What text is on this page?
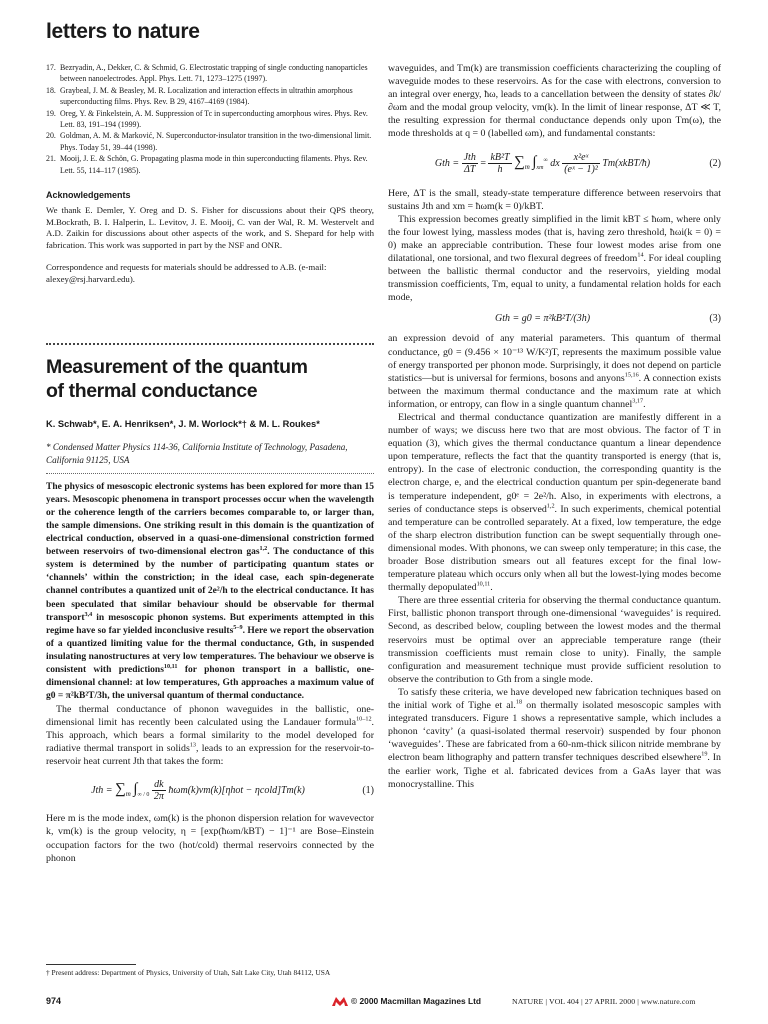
letters to nature
17. Bezryadin, A., Dekker, C. & Schmid, G. Electrostatic trapping of single conducting nanoparticles between nanoelectrodes. Appl. Phys. Lett. 71, 1273–1275 (1997).
18. Graybeal, J. M. & Beasley, M. R. Localization and interaction effects in ultrathin amorphous superconducting films. Phys. Rev. B 29, 4167–4169 (1984).
19. Oreg, Y. & Finkelstein, A. M. Suppression of Tc in superconducting amorphous wires. Phys. Rev. Lett. 83, 191–194 (1999).
20. Goldman, A. M. & Marković, N. Superconductor-insulator transition in the two-dimensional limit. Phys. Today 51, 39–44 (1998).
21. Mooij, J. E. & Schön, G. Propagating plasma mode in thin superconducting filaments. Phys. Rev. Lett. 55, 114–117 (1985).
Acknowledgements

We thank E. Demler, Y. Oreg and D. S. Fisher for discussions about their QPS theory, M.Bockrath, B. I. Halperin, L. Levitov, J. E. Mooij, C. van der Wal, R. M. Westervelt and A.D. Zaikin for discussions about other aspects of the work, and S. Shepard for help with fabrication. This work was supported in part by the NSF and ONR.

Correspondence and requests for materials should be addressed to A.B. (e-mail: alexey@rsj.harvard.edu).

Measurement of the quantum
of thermal conductance
K. Schwab*, E. A. Henriksen*, J. M. Worlock*† & M. L. Roukes*
* Condensed Matter Physics 114-36, California Institute of Technology, Pasadena, California 91125, USA

The physics of mesoscopic electronic systems has been explored for more than 15 years. Mesoscopic phenomena in transport processes occur when the wavelength or the coherence length of the carriers becomes comparable to, or larger than, the sample dimensions. One striking result in this domain is the quantization of electrical conduction, observed in a quasi-one-dimensional constriction formed between reservoirs of two-dimensional electron gas$^{1,2}$. The conductance of this system is determined by the number of participating quantum states or ‘channels’ within the constriction; in the ideal case, each spin-degenerate channel contributes a quantized unit of 2e²/h to the electrical conductance. It has been speculated that similar behaviour should be observable for thermal transport$^{3,4}$ in mesoscopic phonon systems. But experiments attempted in this regime have so far yielded inconclusive results$^{5-9}$. Here we report the observation of a quantized limiting value for the thermal conductance, Gth, in suspended insulating nanostructures at very low temperatures. The behaviour we observe is consistent with predictions$^{10,11}$ for phonon transport in a ballistic, one-dimensional channel: at low temperatures, Gth approaches a maximum value of g0 = π²kB²T/3h, the universal quantum of thermal conductance.

The thermal conductance of phonon waveguides in the ballistic, one-dimensional limit has recently been calculated using the Landauer formula$^{10-12}$. This approach, which bears a formal similarity to the model developed for radiative thermal transport in solids$^{13}$, leads to an expression for the reservoir-to-reservoir heat current Jth that takes the form:

Jth = $\sum_m$ $\int_{\infty / 0} \frac{dk}{2\pi}$ ħωm(k)vm(k)[ηhot − ηcold]Tm(k)	(1)

Here m is the mode index, ωm(k) is the phonon dispersion relation for wavevector k, vm(k) is the group velocity, η = [exp(ħωm/kBT) − 1]⁻¹ are Bose–Einstein occupation factors for the two (hot/cold) thermal reservoirs connected by the phonon

† Present address: Department of Physics, University of Utah, Salt Lake City, Utah 84112, USA

waveguides, and Tm(k) are transmission coefficients characterizing the coupling of waveguide modes to these reservoirs. As for the case with electrons, conversion to an integral over energy, ħω, leads to a cancellation between the density of states ∂k/∂ωm and the modal group velocity, vm(k). In the limit of linear response, ΔT ≪ T, the resulting expression for thermal conductance depends only upon Tm(ω), the mode thresholds at q = 0 (labelled ωm), and fundamental constants:

Gth = $\frac{\text{Jth}}{\Delta T} = \frac{\text{kB²T}}{h} \sum_m$ $\int_{xm}^\infty$ dx $\frac{\text{x²eˣ}}{\text{(eˣ − 1)²}}$ Tm(xkBT/ħ)	(2)

Here, ΔT is the small, steady-state temperature difference between reservoirs that sustains Jth and xm = ħωm(k = 0)/kBT.

This expression becomes greatly simplified in the limit kBT ≤ ħωm, where only the four lowest lying, massless modes (that is, having zero threshold, ħωi(k = 0) = 0) make an appreciable contribution. These four lowest modes arise from one dilatational, one torsional, and two flexural degrees of freedom$^{14}$. For ideal coupling between the ballistic thermal conductor and the reservoirs, yielding modal transmission coefficients, Tm, equal to unity, a fundamental relation holds for each mode,

Gth = g0 = π²kB²T/(3h)	(3)

an expression devoid of any material parameters. This quantum of thermal conductance, g0 = (9.456 × 10⁻¹³ W/K²)T, represents the maximum possible value of energy transported per phonon mode. Surprisingly, it does not depend on particle statistics—but is universal for fermions, bosons and anyons$^{15,16}$. A connection exists between the maximum thermal conductance and the maximum rate at which information, or entropy, can flow in a single quantum channel$^{3,17}$.

Electrical and thermal conductance quantization are manifestly different in a number of ways; we discuss here two that are most obvious. The factor of T in equation (3), which gives the thermal conductance quantum a linear dependence upon temperature, reflects the fact that the quantity transported is energy (that is, entropy). In the case of electronic conduction, the corresponding quantity is the electron charge, e, and the electrical conduction quantum per spin-degenerate band is temperature independent, g0ᵉ = 2e²/h. Also, in experiments with electrons, a series of conductance steps is observed$^{1,2}$. In such experiments, chemical potential and temperature can be controlled separately. At a fixed, low temperature, the edge of the sharp electron distribution function can be swept sequentially through one-dimensional modes. With phonons, we can sweep only temperature; in this case, the broader Bose distribution smears out all features except for the final low-temperature plateau which occurs only when all but the lowest-lying modes become thermally depopulated$^{10,11}$.

There are three essential criteria for observing the thermal conductance quantum. First, ballistic phonon transport through one-dimensional ‘waveguides’ is required. Second, as described below, coupling between the lowest modes and the thermal reservoirs must be optimal over an appreciable temperature range (their transmission coefficients must remain close to unity). Finally, the sample configuration and measurement technique must provide sufficient resolution to observe the contribution to Gth from a single mode.

To satisfy these criteria, we have developed new fabrication techniques based on the initial work of Tighe et al.$^{18}$ on thermally isolated mesoscopic samples with integrated transducers. Figure 1 shows a representative sample, which includes a phonon ‘cavity’ (a quasi-isolated thermal reservoir) suspended by four phonon ‘waveguides’. These are fabricated from a 60-nm-thick silicon nitride membrane by electron beam lithography and pattern transfer techniques described elsewhere$^{19}$. In the earlier work, Tighe et al. fabricated devices from a GaAs layer that was monocrystalline. This

974	© 2000 Macmillan Magazines Ltd	NATURE | VOL 404 | 27 APRIL 2000 | www.nature.com
